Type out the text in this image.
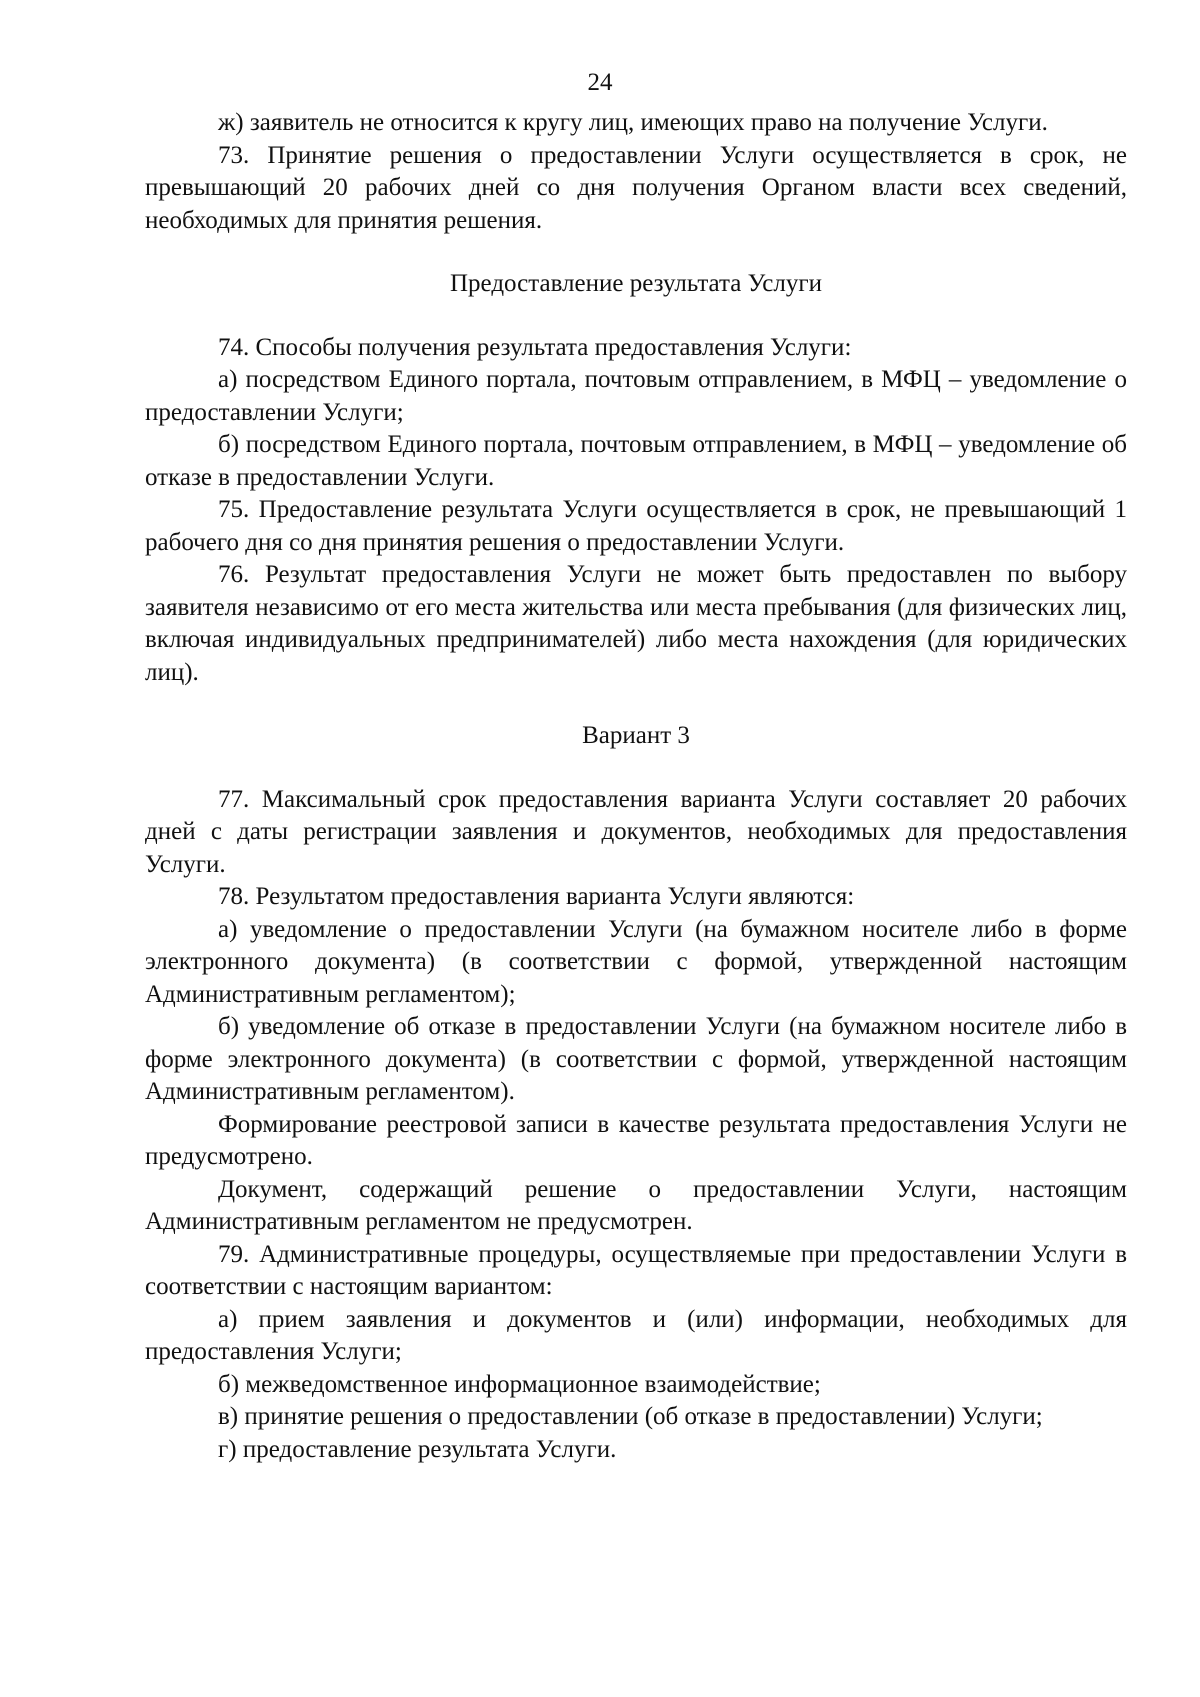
24

ж) заявитель не относится к кругу лиц, имеющих право на получение Услуги.

73. Принятие решения о предоставлении Услуги осуществляется в срок, не превышающий 20 рабочих дней со дня получения Органом власти всех сведений, необходимых для принятия решения.

Предоставление результата Услуги

74. Способы получения результата предоставления Услуги:

а) посредством Единого портала, почтовым отправлением, в МФЦ – уведомление о предоставлении Услуги;

б) посредством Единого портала, почтовым отправлением, в МФЦ – уведомление об отказе в предоставлении Услуги.

75. Предоставление результата Услуги осуществляется в срок, не превышающий 1 рабочего дня со дня принятия решения о предоставлении Услуги.

76. Результат предоставления Услуги не может быть предоставлен по выбору заявителя независимо от его места жительства или места пребывания (для физических лиц, включая индивидуальных предпринимателей) либо места нахождения (для юридических лиц).

Вариант 3

77. Максимальный срок предоставления варианта Услуги составляет 20 рабочих дней с даты регистрации заявления и документов, необходимых для предоставления Услуги.

78. Результатом предоставления варианта Услуги являются:

а) уведомление о предоставлении Услуги (на бумажном носителе либо в форме электронного документа) (в соответствии с формой, утвержденной настоящим Административным регламентом);

б) уведомление об отказе в предоставлении Услуги (на бумажном носителе либо в форме электронного документа) (в соответствии с формой, утвержденной настоящим Административным регламентом).

Формирование реестровой записи в качестве результата предоставления Услуги не предусмотрено.

Документ, содержащий решение о предоставлении Услуги, настоящим Административным регламентом не предусмотрен.

79. Административные процедуры, осуществляемые при предоставлении Услуги в соответствии с настоящим вариантом:

а) прием заявления и документов и (или) информации, необходимых для предоставления Услуги;

б) межведомственное информационное взаимодействие;

в) принятие решения о предоставлении (об отказе в предоставлении) Услуги;

г) предоставление результата Услуги.
